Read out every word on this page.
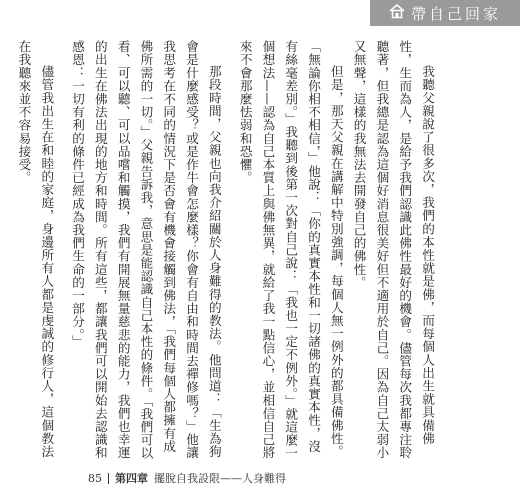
帶自己回家

我聽父親說了很多次，我們的本性就是佛，而每個人出生就具備佛性，生而為人，是給予我們認識此佛性最好的機會。儘管每次我都專注聆聽著，但我總是認為這個好消息很美好但不適用於自己。因為自己太弱小又無聲，這樣的我無法去開發自己的佛性。

但是，那天父親在講解中特別強調，每個人無一例外的都具備佛性。「無論你相不相信，」他說：「你的真實本性和一切諸佛的真實本性，沒有絲毫差別。」我聽到後第一次對自己說：「我也一定不例外。」就這麼一個想法——認為自己本質上與佛無異，就給了我一點信心，並相信自己將來不會那麼怯弱和恐懼。

那段時間，父親也向我介紹關於人身難得的教法。他問道：「生為狗會是什麼感受？或是作牛會怎麼樣？你會有自由和時間去禪修嗎？」他讓我思考在不同的情況下是否會有機會接觸到佛法，「我們每個人都擁有成佛所需的一切。」父親告訴我，意思是能認識自己本性的條件。「我們可以看、可以聽、可以品嚐和觸摸，我們有開展無量慈悲的能力，我們也幸運的出生在佛法出現的地方和時間。所有這些，都讓我們可以開始去認識和感恩：一切有利的條件已經成為我們生命的一部分。」

儘管我出生在和睦的家庭，身邊所有人都是虔誠的修行人，這個教法在我聽來並不容易接受。

85 第四章 擺脫自我設限——人身難得
